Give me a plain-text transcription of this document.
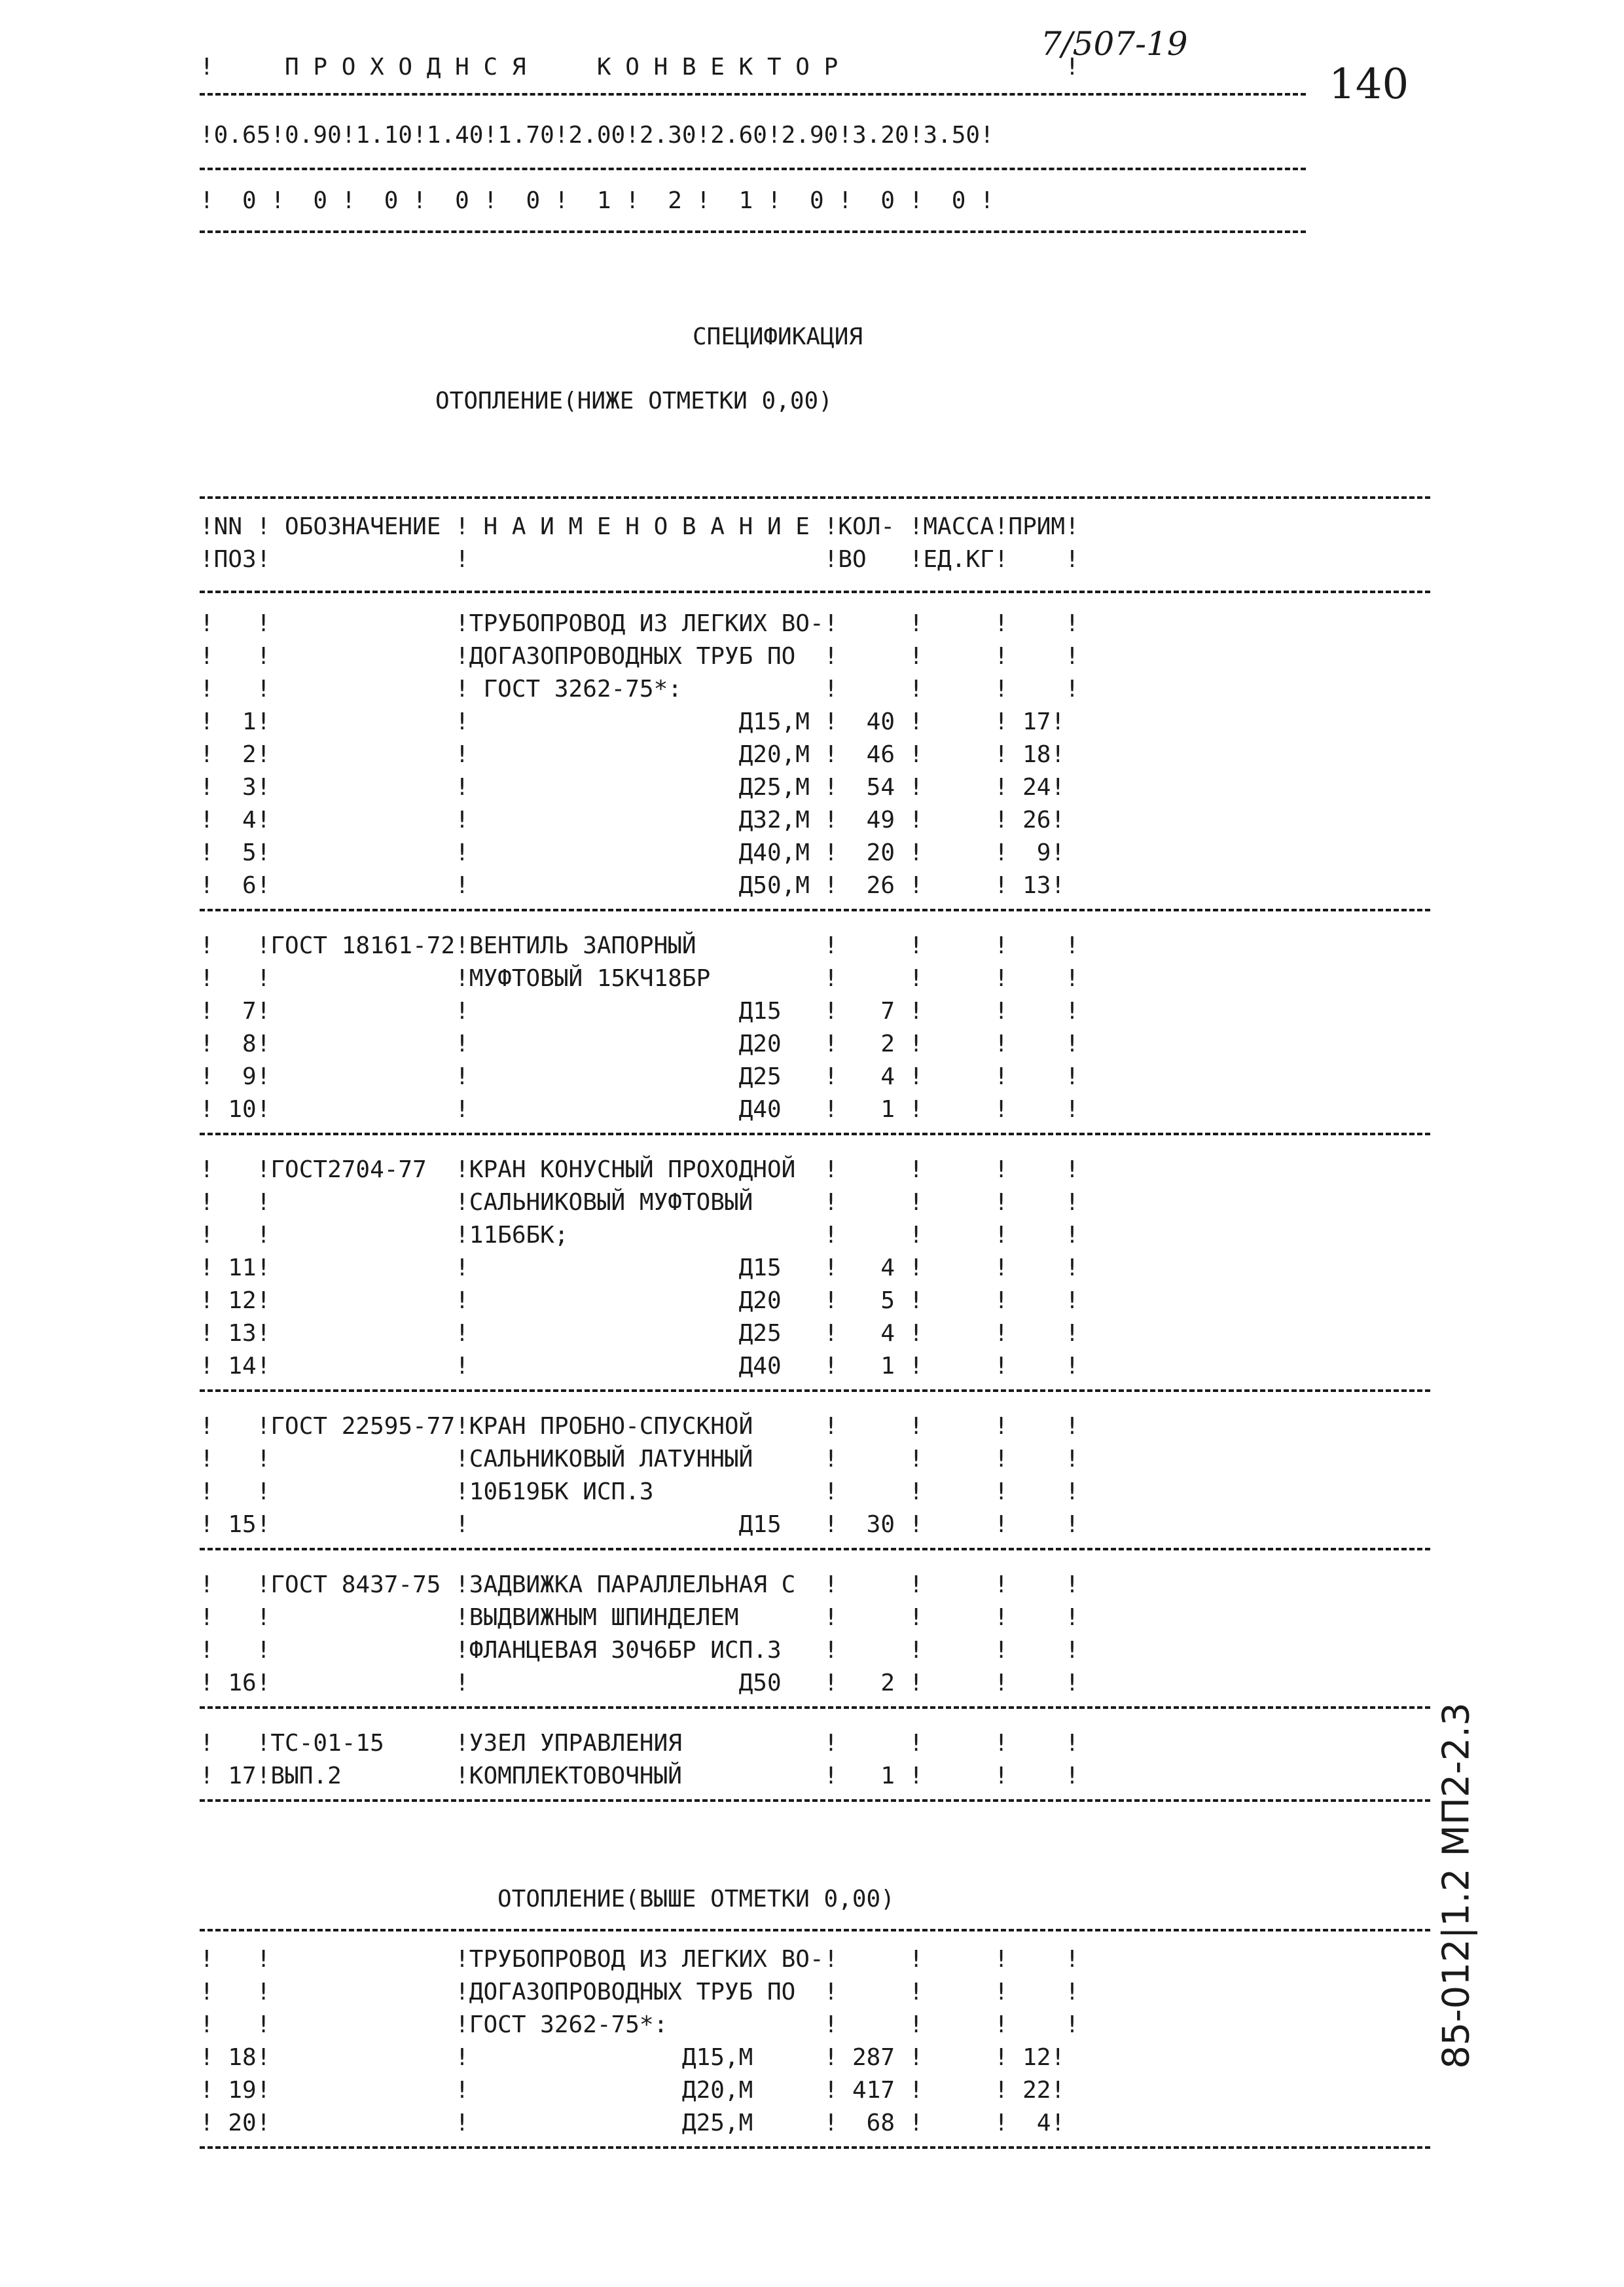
7/507-19
140
!     П Р О Х О Д Н С Я     К О Н В Е К Т О Р                !
!0.65!0.90!1.10!1.40!1.70!2.00!2.30!2.60!2.90!3.20!3.50!
!  0 !  0 !  0 !  0 !  0 !  1 !  2 !  1 !  0 !  0 !  0 !
СПЕЦИФИКАЦИЯ
ОТОПЛЕНИЕ(НИЖЕ ОТМЕТКИ 0,00)
!NN ! ОБОЗНАЧЕНИЕ ! Н А И М Е Н О В А Н И Е !КОЛ- !МАССА!ПРИМ!
!ПОЗ!             !                         !ВО   !ЕД.КГ!    !
!   !             !ТРУБОПРОВОД ИЗ ЛЕГКИХ ВО-!     !     !    !
!   !             !ДОГАЗОПРОВОДНЫХ ТРУБ ПО  !     !     !    !
!   !             ! ГОСТ 3262-75*:          !     !     !    !
!  1!             !                   Д15,М !  40 !     ! 17!
!  2!             !                   Д20,М !  46 !     ! 18!
!  3!             !                   Д25,М !  54 !     ! 24!
!  4!             !                   Д32,М !  49 !     ! 26!
!  5!             !                   Д40,М !  20 !     !  9!
!  6!             !                   Д50,М !  26 !     ! 13!
!   !ГОСТ 18161-72!ВЕНТИЛЬ ЗАПОРНЫЙ         !     !     !    !
!   !             !МУФТОВЫЙ 15КЧ18БР        !     !     !    !
!  7!             !                   Д15   !   7 !     !    !
!  8!             !                   Д20   !   2 !     !    !
!  9!             !                   Д25   !   4 !     !    !
! 10!             !                   Д40   !   1 !     !    !
!   !ГОСТ2704-77  !КРАН КОНУСНЫЙ ПРОХОДНОЙ  !     !     !    !
!   !             !САЛЬНИКОВЫЙ МУФТОВЫЙ     !     !     !    !
!   !             !11Б6БК;                  !     !     !    !
! 11!             !                   Д15   !   4 !     !    !
! 12!             !                   Д20   !   5 !     !    !
! 13!             !                   Д25   !   4 !     !    !
! 14!             !                   Д40   !   1 !     !    !
!   !ГОСТ 22595-77!КРАН ПРОБНО-СПУСКНОЙ     !     !     !    !
!   !             !САЛЬНИКОВЫЙ ЛАТУННЫЙ     !     !     !    !
!   !             !10Б19БК ИСП.3            !     !     !    !
! 15!             !                   Д15   !  30 !     !    !
!   !ГОСТ 8437-75 !ЗАДВИЖКА ПАРАЛЛЕЛЬНАЯ С  !     !     !    !
!   !             !ВЫДВИЖНЫМ ШПИНДЕЛЕМ      !     !     !    !
!   !             !ФЛАНЦЕВАЯ 30Ч6БР ИСП.3   !     !     !    !
! 16!             !                   Д50   !   2 !     !    !
!   !ТС-01-15     !УЗЕЛ УПРАВЛЕНИЯ          !     !     !    !
! 17!ВЫП.2        !КОМПЛЕКТОВОЧНЫЙ          !   1 !     !    !
ОТОПЛЕНИЕ(ВЫШЕ ОТМЕТКИ 0,00)
!   !             !ТРУБОПРОВОД ИЗ ЛЕГКИХ ВО-!     !     !    !
!   !             !ДОГАЗОПРОВОДНЫХ ТРУБ ПО  !     !     !    !
!   !             !ГОСТ 3262-75*:           !     !     !    !
! 18!             !               Д15,М     ! 287 !     ! 12!
! 19!             !               Д20,М     ! 417 !     ! 22!
! 20!             !               Д25,М     !  68 !     !  4!
85-012|1.2 МП2-2.3
